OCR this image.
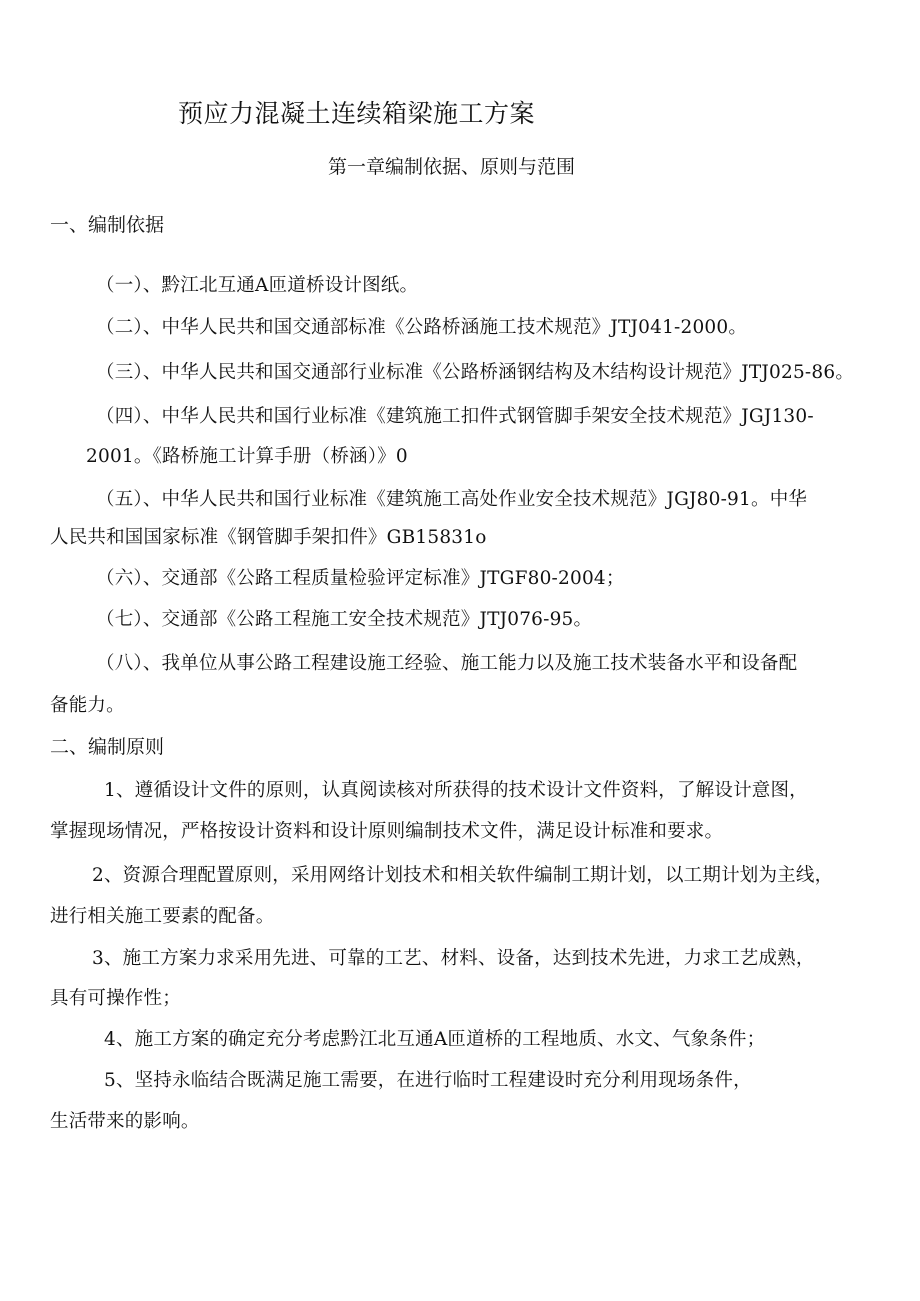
预应力混凝土连续箱梁施工方案
第一章编制依据、原则与范围
一、编制依据
（一）、黔江北互通A匝道桥设计图纸。
（二）、中华人民共和国交通部标准《公路桥涵施工技术规范》JTJ041-2000。
（三）、中华人民共和国交通部行业标准《公路桥涵钢结构及木结构设计规范》JTJ025-86。
（四）、中华人民共和国行业标准《建筑施工扣件式钢管脚手架安全技术规范》JGJ130-
2001。《路桥施工计算手册（桥涵）》0
（五）、中华人民共和国行业标准《建筑施工高处作业安全技术规范》JGJ80-91。中华
人民共和国国家标准《钢管脚手架扣件》GB15831o
（六）、交通部《公路工程质量检验评定标准》JTGF80-2004；
（七）、交通部《公路工程施工安全技术规范》JTJ076-95。
（八）、我单位从事公路工程建设施工经验、施工能力以及施工技术装备水平和设备配
备能力。
二、编制原则
1、遵循设计文件的原则，认真阅读核对所获得的技术设计文件资料，了解设计意图，
掌握现场情况，严格按设计资料和设计原则编制技术文件，满足设计标准和要求。
2、资源合理配置原则，采用网络计划技术和相关软件编制工期计划，以工期计划为主线，
进行相关施工要素的配备。
3、施工方案力求采用先进、可靠的工艺、材料、设备，达到技术先进，力求工艺成熟，
具有可操作性；
4、施工方案的确定充分考虑黔江北互通A匝道桥的工程地质、水文、气象条件；
5、坚持永临结合既满足施工需要，在进行临时工程建设时充分利用现场条件，
生活带来的影响。
